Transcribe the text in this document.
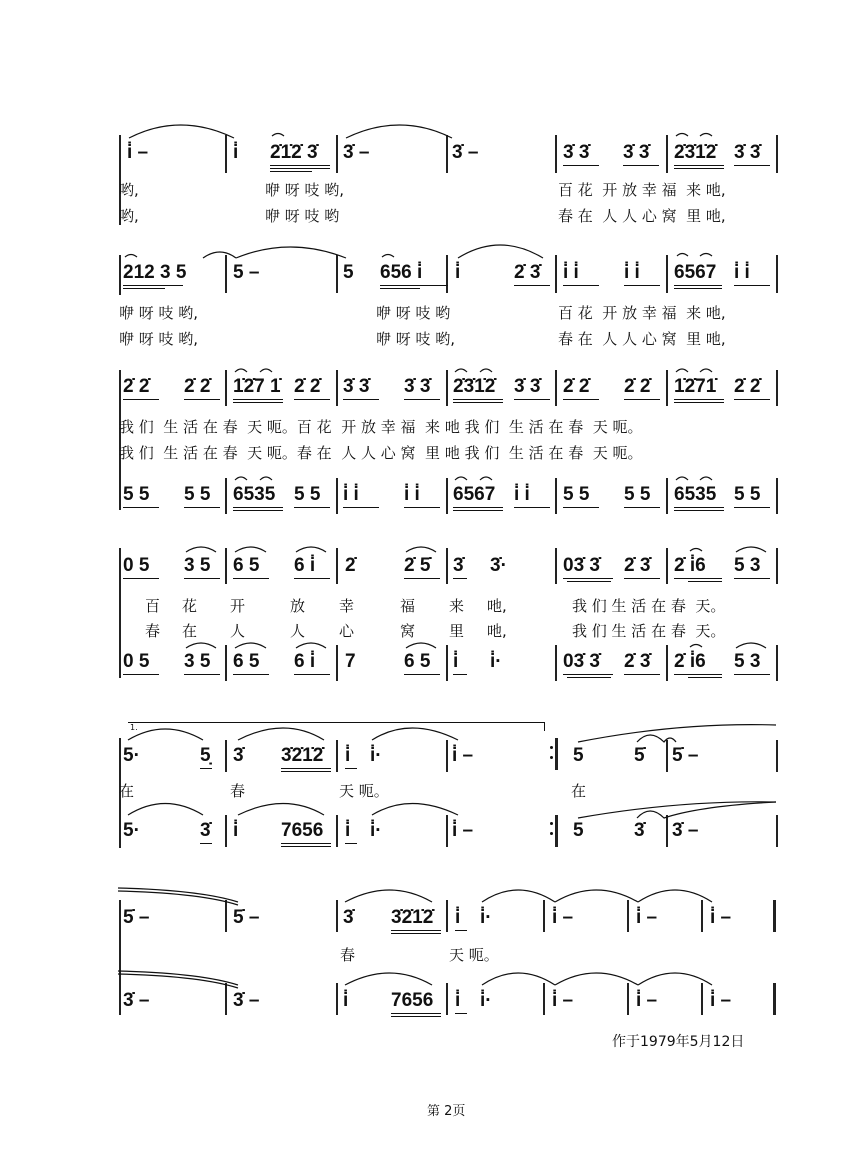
i̇ –	i̇ 2̇1̇2̇ 3̇ 3̇ –	3̇ –	3̇ 3̇ 3̇ 3̇ 2̇3̇1̇2̇ 3̇ 3̇
哟,	咿 呀 吱 哟,	百 花  开 放 幸 福  来 吔,
哟,	咿 呀 吱 哟	春 在  人 人 心 窝  里 吔,
212 3 5 5 –	5 656 i̇ i̇	2̇ 3̇ i̇ i̇ i̇ i̇ 6567 i̇ i̇
咿 呀 吱 哟,	咿 呀 吱 哟	百 花  开 放 幸 福  来 吔,
咿 呀 吱 哟,	咿 呀 吱 哟,	春 在  人 人 心 窝  里 吔,
2̇ 2̇ 2̇ 2̇ 1̇2̇7 1̇ 2̇ 2̇ 3̇ 3̇ 3̇ 3̇ 2̇3̇1̇2̇ 3̇ 3̇ 2̇ 2̇ 2̇ 2̇ 1̇2̇71̇ 2̇ 2̇
我 们  生 活 在 春  天 呃。百 花  开 放 幸 福  来 吔 我 们  生 活 在 春  天 呃。
我 们  生 活 在 春  天 呃。春 在  人 人 心 窝  里 吔 我 们  生 活 在 春  天 呃。
5 5 5 5 6535 5 5 i̇ i̇ i̇ i̇ 6567 i̇ i̇ 5 5 5 5 6535 5 5
0 5 3 5 6 5 6 i̇ 2̇	2̇ 5̇ 3̇ 3̇·	03̇ 3̇ 2̇ 3̇ 2̇ i̇6 5 3
百 花 开	放 幸	福 来 吔,	我 们 生 活 在 春  天。
春 在 人	人 心	窝 里 吔,	我 们 生 活 在 春  天。
0 5 3 5 6 5 6 i̇ 7	6 5 i̇ i̇·	03̇ 3̇ 2̇ 3̇ 2̇ i̇6 5 3
1.
5·	5̣ 3̇ 3̇2̇1̇2̇ i̇ i̇·	i̇ –	5	5̇ 5̇ –
在	春	天 呃。	在
5·	3̇ i̇ 7656 i̇ i̇·	i̇ –	5	3̇ 3̇ –
5̇ –	5̇ –	3̇ 3̇2̇1̇2̇ i̇ i̇·	i̇ –	i̇ –	i̇ –
春	天 呃。
3̇ –	3̇ –	i̇ 7656 i̇ i̇·	i̇ –	i̇ –	i̇ –
作于1979年5月12日
第 2页
